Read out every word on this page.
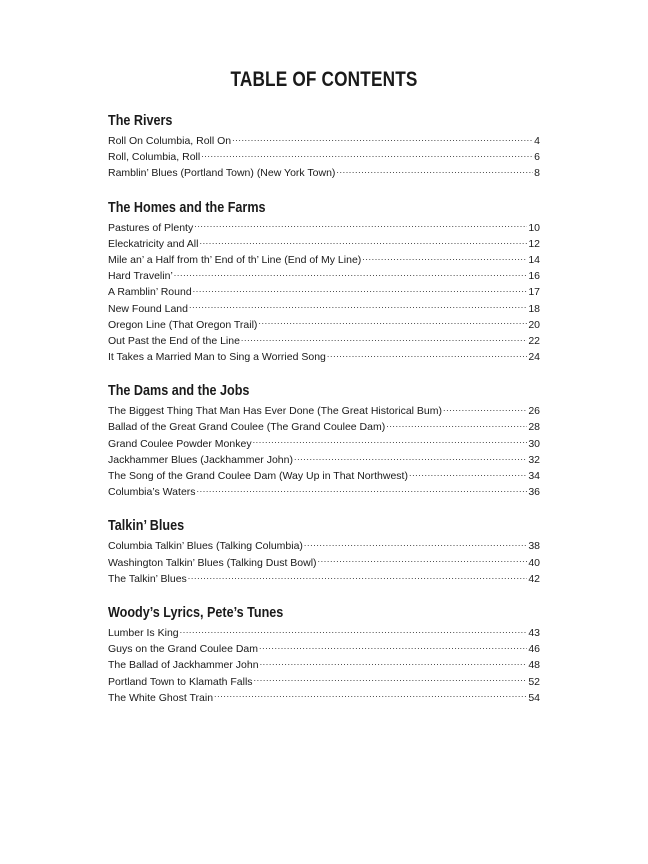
TABLE OF CONTENTS
The Rivers
Roll On Columbia, Roll On .....	4
Roll, Columbia, Roll .....	6
Ramblin’ Blues (Portland Town) (New York Town) .....	8
The Homes and the Farms
Pastures of Plenty .....	10
Eleckatricity and All .....	12
Mile an’ a Half from th’ End of th’ Line (End of My Line) .....	14
Hard Travelin’ .....	16
A Ramblin’ Round .....	17
New Found Land .....	18
Oregon Line (That Oregon Trail) .....	20
Out Past the End of the Line .....	22
It Takes a Married Man to Sing a Worried Song .....	24
The Dams and the Jobs
The Biggest Thing That Man Has Ever Done (The Great Historical Bum) .....	26
Ballad of the Great Grand Coulee (The Grand Coulee Dam) .....	28
Grand Coulee Powder Monkey .....	30
Jackhammer Blues (Jackhammer John) .....	32
The Song of the Grand Coulee Dam (Way Up in That Northwest) .....	34
Columbia’s Waters .....	36
Talkin’ Blues
Columbia Talkin’ Blues (Talking Columbia) .....	38
Washington Talkin’ Blues (Talking Dust Bowl) .....	40
The Talkin’ Blues .....	42
Woody’s Lyrics, Pete’s Tunes
Lumber Is King .....	43
Guys on the Grand Coulee Dam .....	46
The Ballad of Jackhammer John .....	48
Portland Town to Klamath Falls .....	52
The White Ghost Train .....	54
